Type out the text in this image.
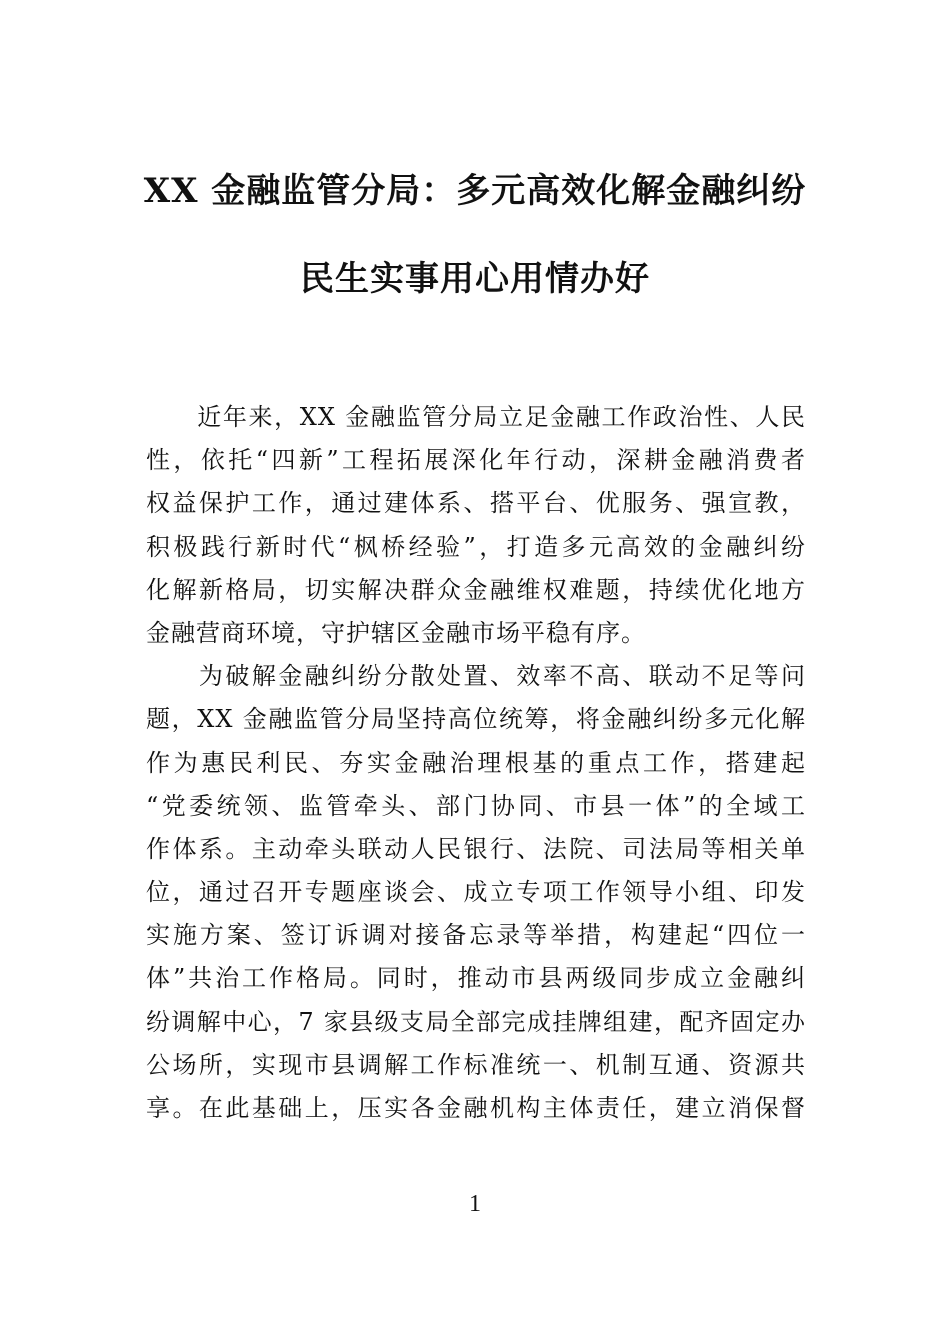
XX 金融监管分局：多元高效化解金融纠纷
民生实事用心用情办好
　　近年来，XX 金融监管分局立足金融工作政治性、人民
性，依托“四新”工程拓展深化年行动，深耕金融消费者
权益保护工作，通过建体系、搭平台、优服务、强宣教，
积极践行新时代“枫桥经验”，打造多元高效的金融纠纷
化解新格局，切实解决群众金融维权难题，持续优化地方
金融营商环境，守护辖区金融市场平稳有序。
　　为破解金融纠纷分散处置、效率不高、联动不足等问
题，XX 金融监管分局坚持高位统筹，将金融纠纷多元化解
作为惠民利民、夯实金融治理根基的重点工作，搭建起
“党委统领、监管牵头、部门协同、市县一体”的全域工
作体系。主动牵头联动人民银行、法院、司法局等相关单
位，通过召开专题座谈会、成立专项工作领导小组、印发
实施方案、签订诉调对接备忘录等举措，构建起“四位一
体”共治工作格局。同时，推动市县两级同步成立金融纠
纷调解中心，7 家县级支局全部完成挂牌组建，配齐固定办
公场所，实现市县调解工作标准统一、机制互通、资源共
享。在此基础上，压实各金融机构主体责任，建立消保督
1
